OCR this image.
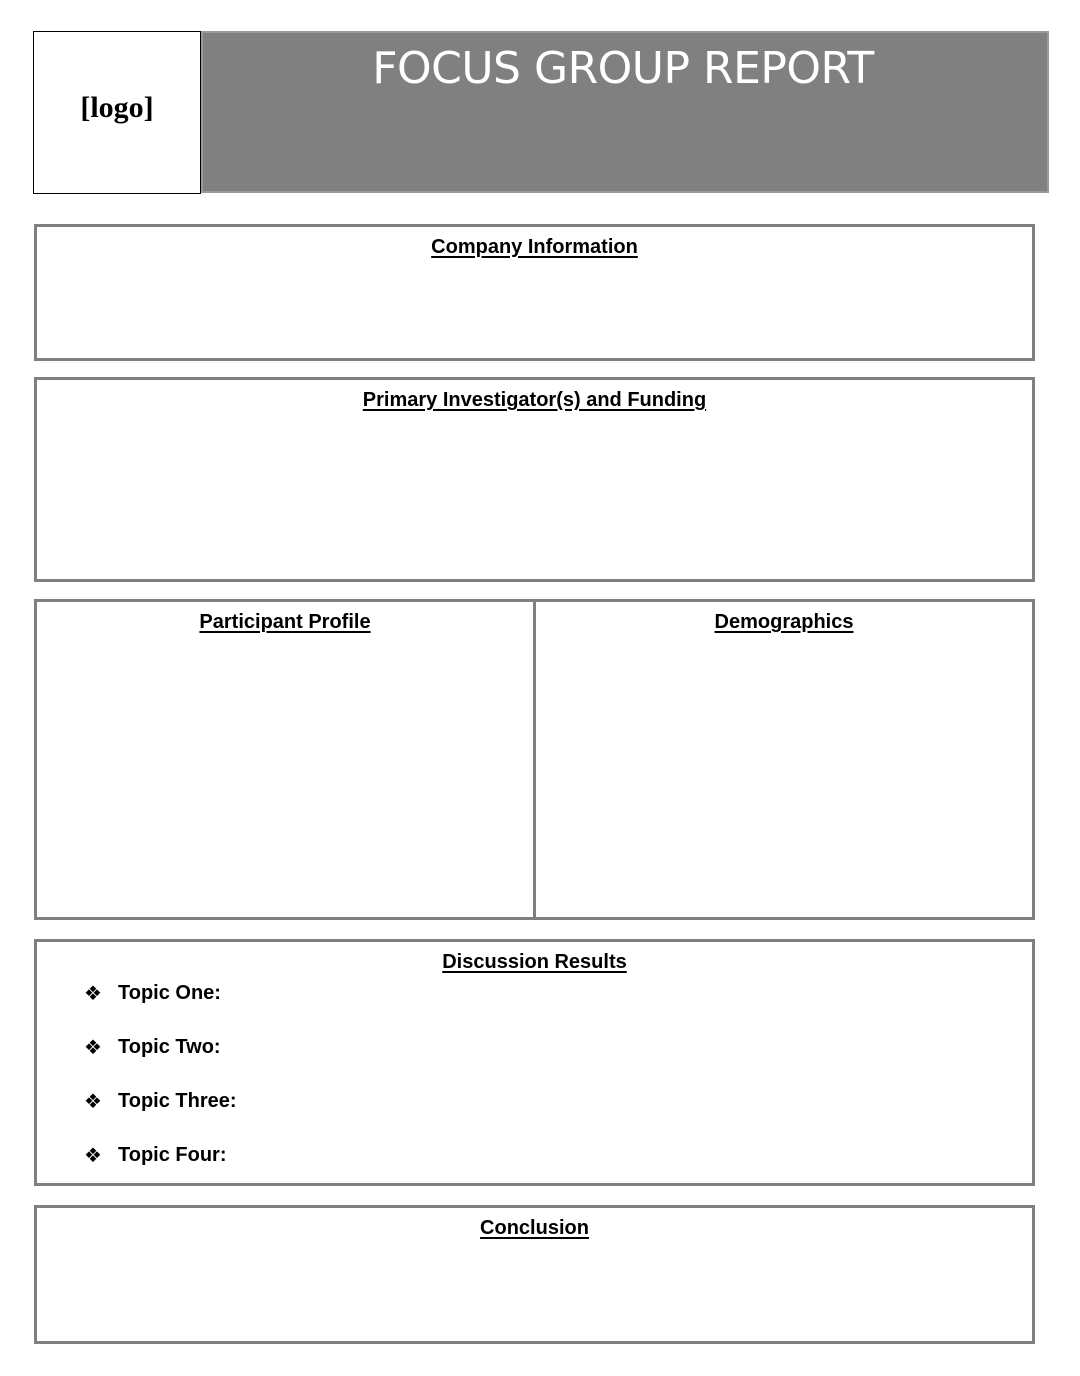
[logo]
FOCUS GROUP REPORT
Company Information
Primary Investigator(s) and Funding
Participant Profile	Demographics
Discussion Results
❖ Topic One:
❖ Topic Two:
❖ Topic Three:
❖ Topic Four:
Conclusion
